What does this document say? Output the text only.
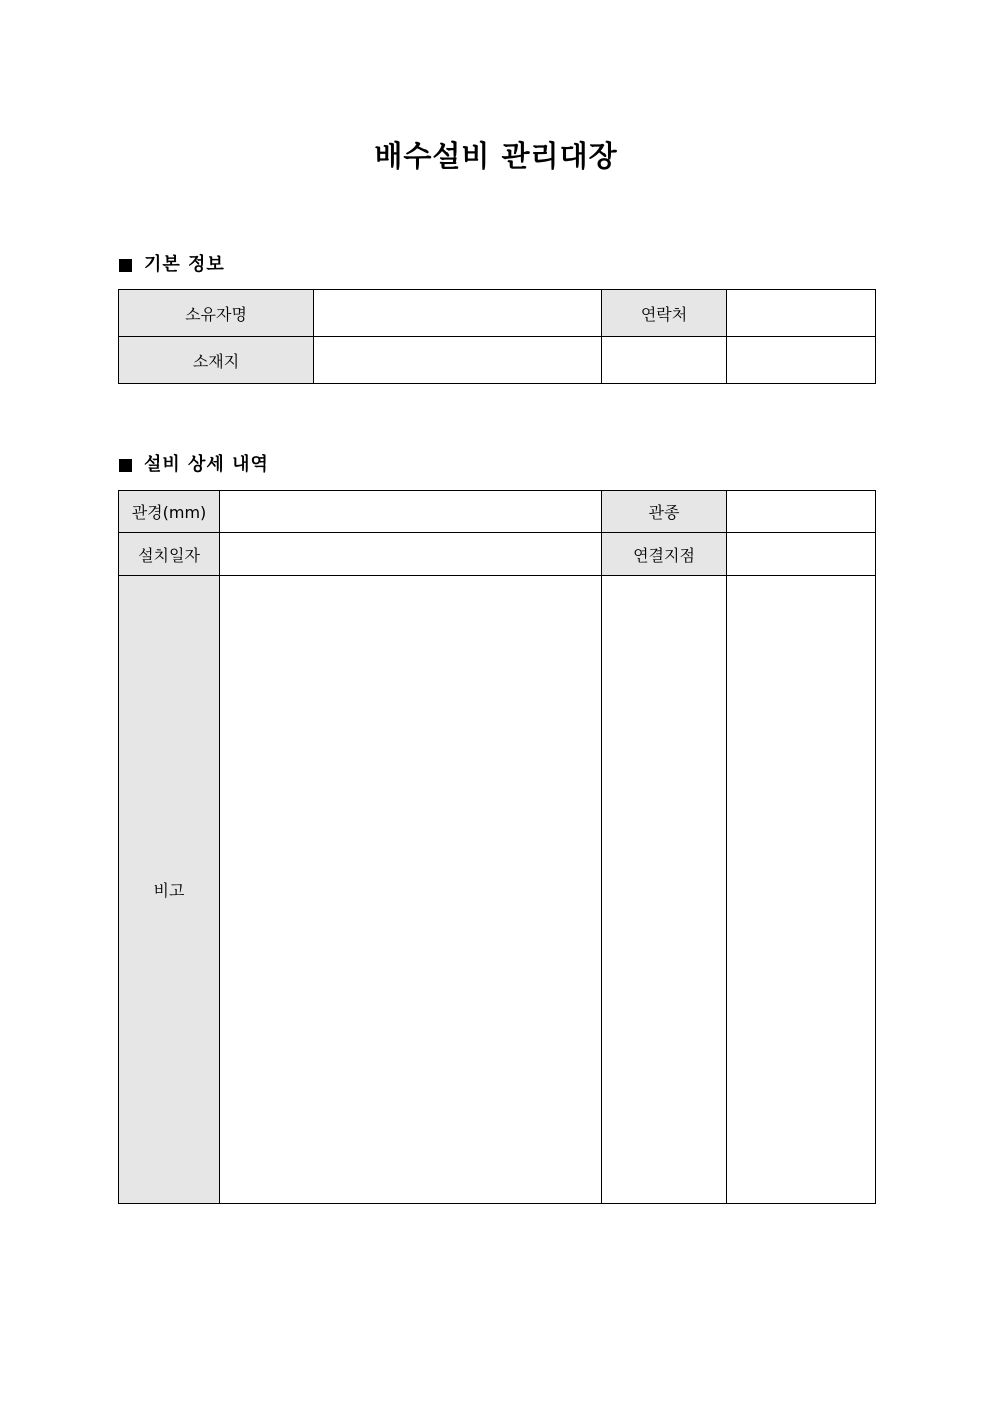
배수설비 관리대장
기본 정보
소유자명		연락처	
소재지			
설비 상세 내역
관경(mm)		관종	
설치일자		연결지점	
비고			
